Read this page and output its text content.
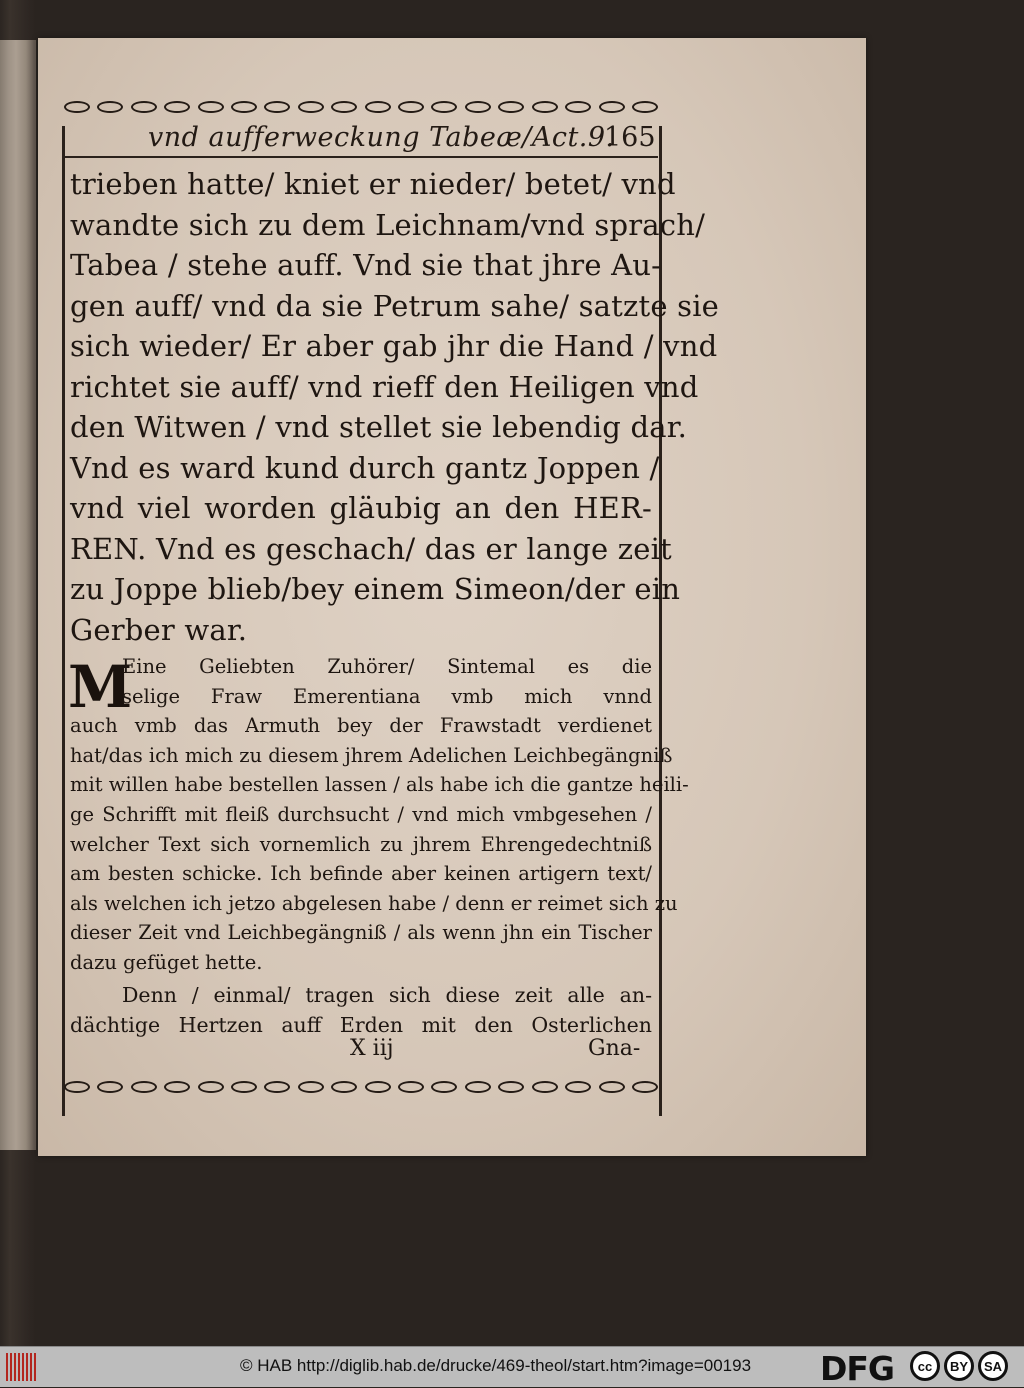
vnd aufferweckung Tabeæ/Act.9.
165
trieben hatte/ kniet er nieder/ betet/ vnd
wandte sich zu dem Leichnam/vnd sprach/
Tabea / stehe auff. Vnd sie that jhre Au-
gen auff/ vnd da sie Petrum sahe/ satzte sie
sich wieder/ Er aber gab jhr die Hand / vnd
richtet sie auff/ vnd rieff den Heiligen vnd
den Witwen / vnd stellet sie lebendig dar.
Vnd es ward kund durch gantz Joppen /
vnd viel worden gläubig an den HER-
REN. Vnd es geschach/ das er lange zeit
zu Joppe blieb/bey einem Simeon/der ein
Gerber war.
M
Eine Geliebten Zuhörer/ Sintemal es die
selige Fraw Emerentiana vmb mich vnnd
auch vmb das Armuth bey der Frawstadt verdienet
hat/das ich mich zu diesem jhrem Adelichen Leichbegängniß
mit willen habe bestellen lassen / als habe ich die gantze heili-
ge Schrifft mit fleiß durchsucht / vnd mich vmbgesehen /
welcher Text sich vornemlich zu jhrem Ehrengedechtniß
am besten schicke. Ich befinde aber keinen artigern text/
als welchen ich jetzo abgelesen habe / denn er reimet sich zu
dieser Zeit vnd Leichbegängniß / als wenn jhn ein Tischer
dazu gefüget hette.
Denn / einmal/ tragen sich diese zeit alle an-
dächtige Hertzen auff Erden mit den Osterlichen
X iij	Gna-
© HAB http://diglib.hab.de/drucke/469-theol/start.htm?image=00193 DFG	cc	BY	SA
